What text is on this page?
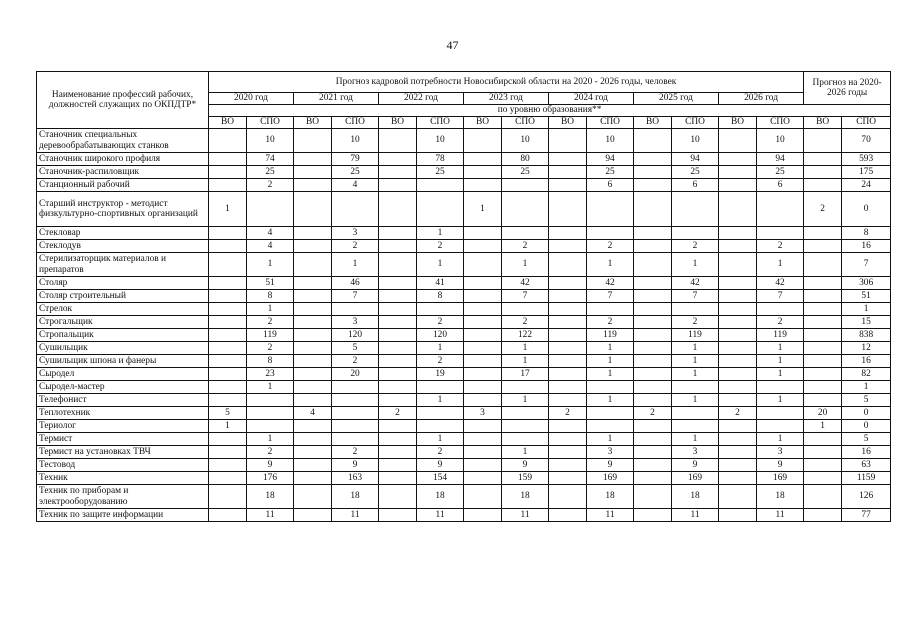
47
Наименование профессий рабочих, должностей служащих по ОКПДТР*	Прогноз кадровой потребности Новосибирской области на 2020 - 2026 годы, человек														Прогноз на 2020-2026 годы	
	2020 год		2021 год		2022 год		2023 год		2024 год		2025 год		2026 год			
	по уровню образования**															
	ВО	СПО	ВО	СПО	ВО	СПО	ВО	СПО	ВО	СПО	ВО	СПО	ВО	СПО	ВО	СПО
Станочник специальных деревообрабатывающих станков		10		10		10		10		10		10		10		70
Станочник широкого профиля		74		79		78		80		94		94		94		593
Станочник-распиловщик		25		25		25		25		25		25		25		175
Станционный рабочий		2		4						6		6		6		24
Старший инструктор - методист физкультурно-спортивных организаций	1						1								2	0
Стекловар		4		3		1										8
Стеклодув		4		2		2		2		2		2		2		16
Стерилизаторщик материалов и препаратов		1		1		1		1		1		1		1		7
Столяр		51		46		41		42		42		42		42		306
Столяр строительный		8		7		8		7		7		7		7		51
Стрелок		1														1
Строгальщик		2		3		2		2		2		2		2		15
Стропальщик		119		120		120		122		119		119		119		838
Сушильщик		2		5		1		1		1		1		1		12
Сушильщик шпона и фанеры		8		2		2		1		1		1		1		16
Сыродел		23		20		19		17		1		1		1		82
Сыродел-мастер		1														1
Телефонист						1		1		1		1		1		5
Теплотехник	5		4		2		3		2		2		2		20	0
Териолог	1														1	0
Термист		1				1				1		1		1		5
Термист на установках ТВЧ		2		2		2		1		3		3		3		16
Тестовод		9		9		9		9		9		9		9		63
Техник		176		163		154		159		169		169		169		1159
Техник по приборам и электрооборудованию		18		18		18		18		18		18		18		126
Техник по защите информации		11		11		11		11		11		11		11		77
